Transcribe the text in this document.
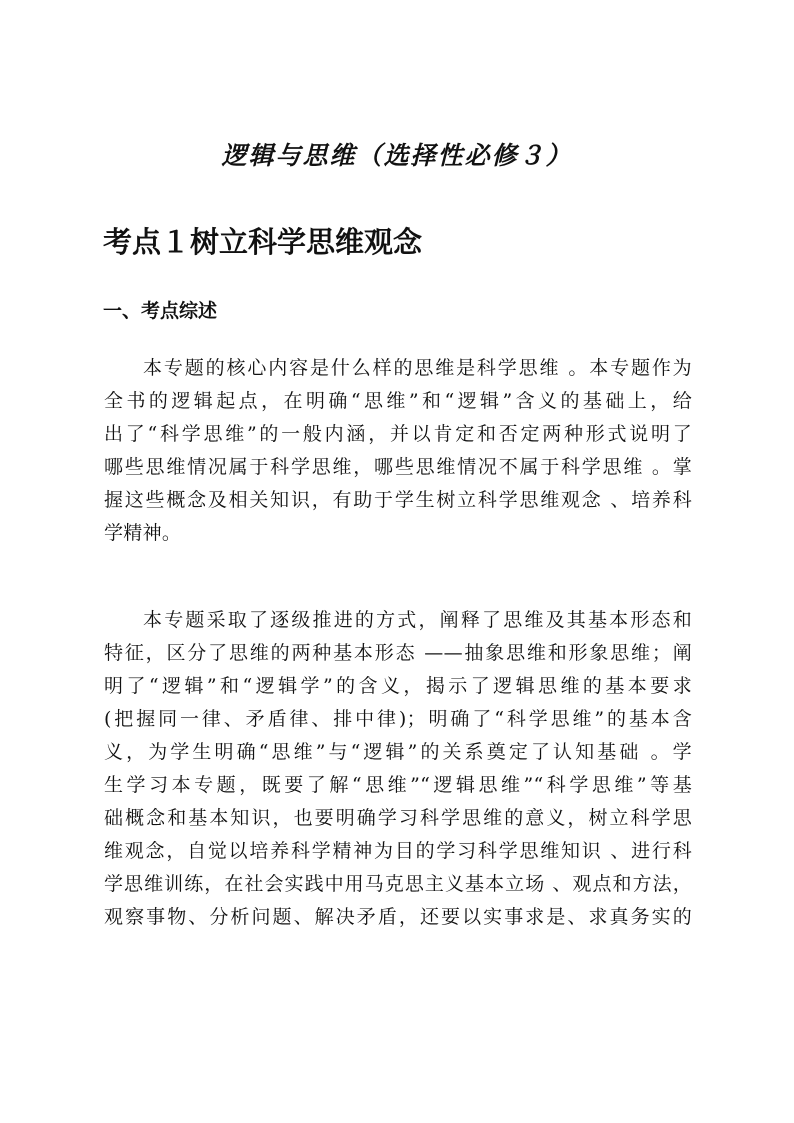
逻辑与思维（选择性必修３）
考点１树立科学思维观念
一、考点综述
本专题的核心内容是什么样的思维是科学思维 。本专题作为
全书的逻辑起点，在明确“思维”和“逻辑”含义的基础上，给
出了“科学思维”的一般内涵，并以肯定和否定两种形式说明了
哪些思维情况属于科学思维，哪些思维情况不属于科学思维 。掌
握这些概念及相关知识，有助于学生树立科学思维观念 、培养科
学精神。
本专题采取了逐级推进的方式，阐释了思维及其基本形态和
特征，区分了思维的两种基本形态 ——抽象思维和形象思维；阐
明了“逻辑”和“逻辑学”的含义，揭示了逻辑思维的基本要求
(把握同一律、矛盾律、排中律)；明确了“科学思维”的基本含
义，为学生明确“思维”与“逻辑”的关系奠定了认知基础 。学
生学习本专题，既要了解“思维”“逻辑思维”“科学思维”等基
础概念和基本知识，也要明确学习科学思维的意义，树立科学思
维观念，自觉以培养科学精神为目的学习科学思维知识 、进行科
学思维训练，在社会实践中用马克思主义基本立场 、观点和方法，
观察事物、分析问题、解决矛盾，还要以实事求是、求真务实的
